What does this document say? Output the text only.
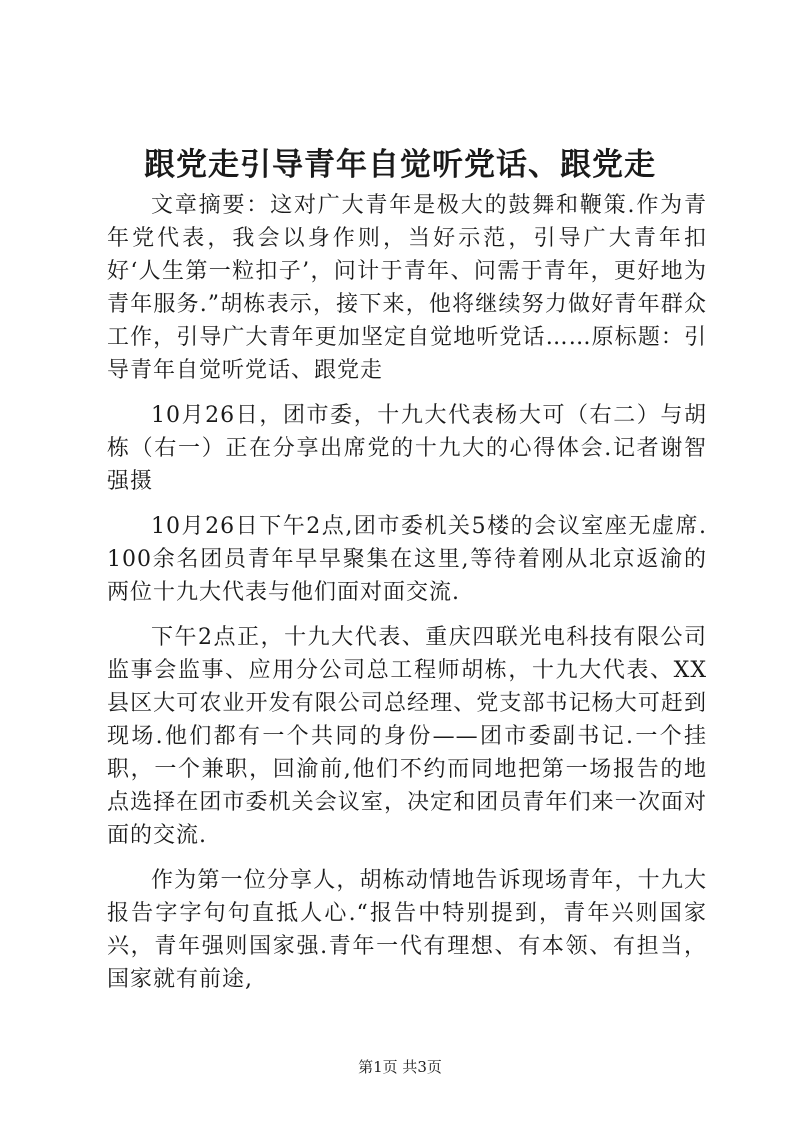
跟党走引导青年自觉听党话、跟党走

文章摘要：这对广大青年是极大的鼓舞和鞭策.作为青年党代表，我会以身作则，当好示范，引导广大青年扣好‘人生第一粒扣子’，问计于青年、问需于青年，更好地为青年服务.”胡栋表示，接下来，他将继续努力做好青年群众工作，引导广大青年更加坚定自觉地听党话……原标题：引导青年自觉听党话、跟党走

10月26日，团市委，十九大代表杨大可（右二）与胡栋（右一）正在分享出席党的十九大的心得体会.记者谢智强摄

10月26日下午2点,团市委机关5楼的会议室座无虚席.100余名团员青年早早聚集在这里,等待着刚从北京返渝的两位十九大代表与他们面对面交流.

下午2点正，十九大代表、重庆四联光电科技有限公司监事会监事、应用分公司总工程师胡栋，十九大代表、XX县区大可农业开发有限公司总经理、党支部书记杨大可赶到现场.他们都有一个共同的身份——团市委副书记.一个挂职，一个兼职，回渝前,他们不约而同地把第一场报告的地点选择在团市委机关会议室，决定和团员青年们来一次面对面的交流.

作为第一位分享人，胡栋动情地告诉现场青年，十九大报告字字句句直抵人心.“报告中特别提到，青年兴则国家兴，青年强则国家强.青年一代有理想、有本领、有担当，国家就有前途,

第1页 共3页
